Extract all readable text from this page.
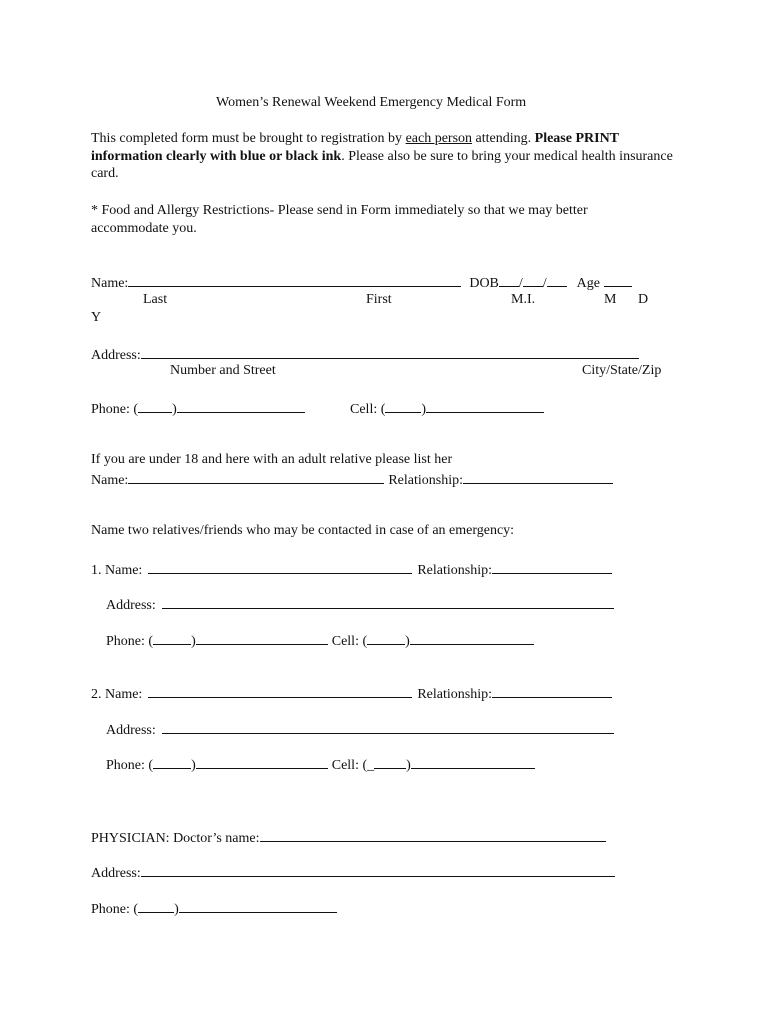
Women’s Renewal Weekend Emergency Medical Form
This completed form must be brought to registration by each person attending. Please PRINT information clearly with blue or black ink. Please also be sure to bring your medical health insurance card.
* Food and Allergy Restrictions- Please send in Form immediately so that we may better accommodate you.
Name:	DOB / / Age
Last	First	M.I.	M D
Y
Address:
Number and Street	City/State/Zip
Phone: ( )	Cell: (	)
If you are under 18 and here with an adult relative please list her
Name:	Relationship:
Name two relatives/friends who may be contacted in case of an emergency:
1. Name:	Relationship:
Address:
Phone: (	)	Cell: (	)
2. Name:	Relationship:
Address:
Phone: (	)	Cell: (_ )
PHYSICIAN: Doctor’s name:
Address:
Phone: (	)
